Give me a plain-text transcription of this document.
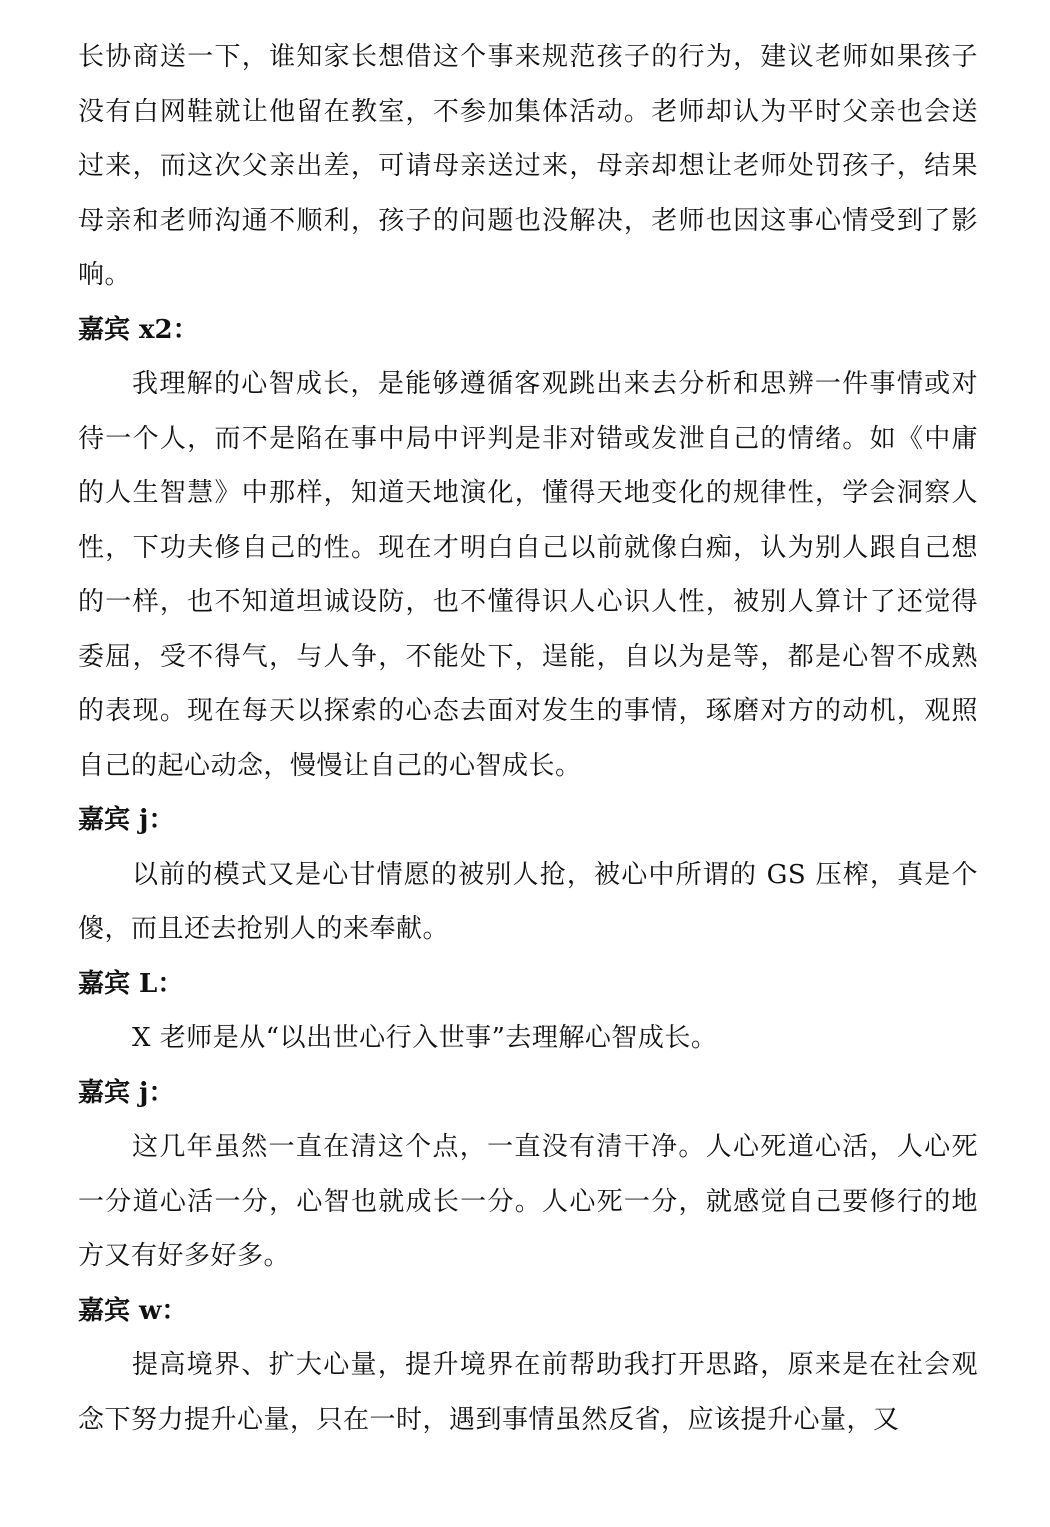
长协商送一下，谁知家长想借这个事来规范孩子的行为，建议老师如果孩子没有白网鞋就让他留在教室，不参加集体活动。老师却认为平时父亲也会送过来，而这次父亲出差，可请母亲送过来，母亲却想让老师处罚孩子，结果母亲和老师沟通不顺利，孩子的问题也没解决，老师也因这事心情受到了影响。

嘉宾 x2：

我理解的心智成长，是能够遵循客观跳出来去分析和思辨一件事情或对待一个人，而不是陷在事中局中评判是非对错或发泄自己的情绪。如《中庸的人生智慧》中那样，知道天地演化，懂得天地变化的规律性，学会洞察人性，下功夫修自己的性。现在才明白自己以前就像白痴，认为别人跟自己想的一样，也不知道坦诚设防，也不懂得识人心识人性，被别人算计了还觉得委屈，受不得气，与人争，不能处下，逞能，自以为是等，都是心智不成熟的表现。现在每天以探索的心态去面对发生的事情，琢磨对方的动机，观照自己的起心动念，慢慢让自己的心智成长。

嘉宾 j：

以前的模式又是心甘情愿的被别人抢，被心中所谓的 GS 压榨，真是个傻，而且还去抢别人的来奉献。

嘉宾 L：

X 老师是从“以出世心行入世事”去理解心智成长。

嘉宾 j：

这几年虽然一直在清这个点，一直没有清干净。人心死道心活，人心死一分道心活一分，心智也就成长一分。人心死一分，就感觉自己要修行的地方又有好多好多。

嘉宾 w：

提高境界、扩大心量，提升境界在前帮助我打开思路，原来是在社会观念下努力提升心量，只在一时，遇到事情虽然反省，应该提升心量，又
